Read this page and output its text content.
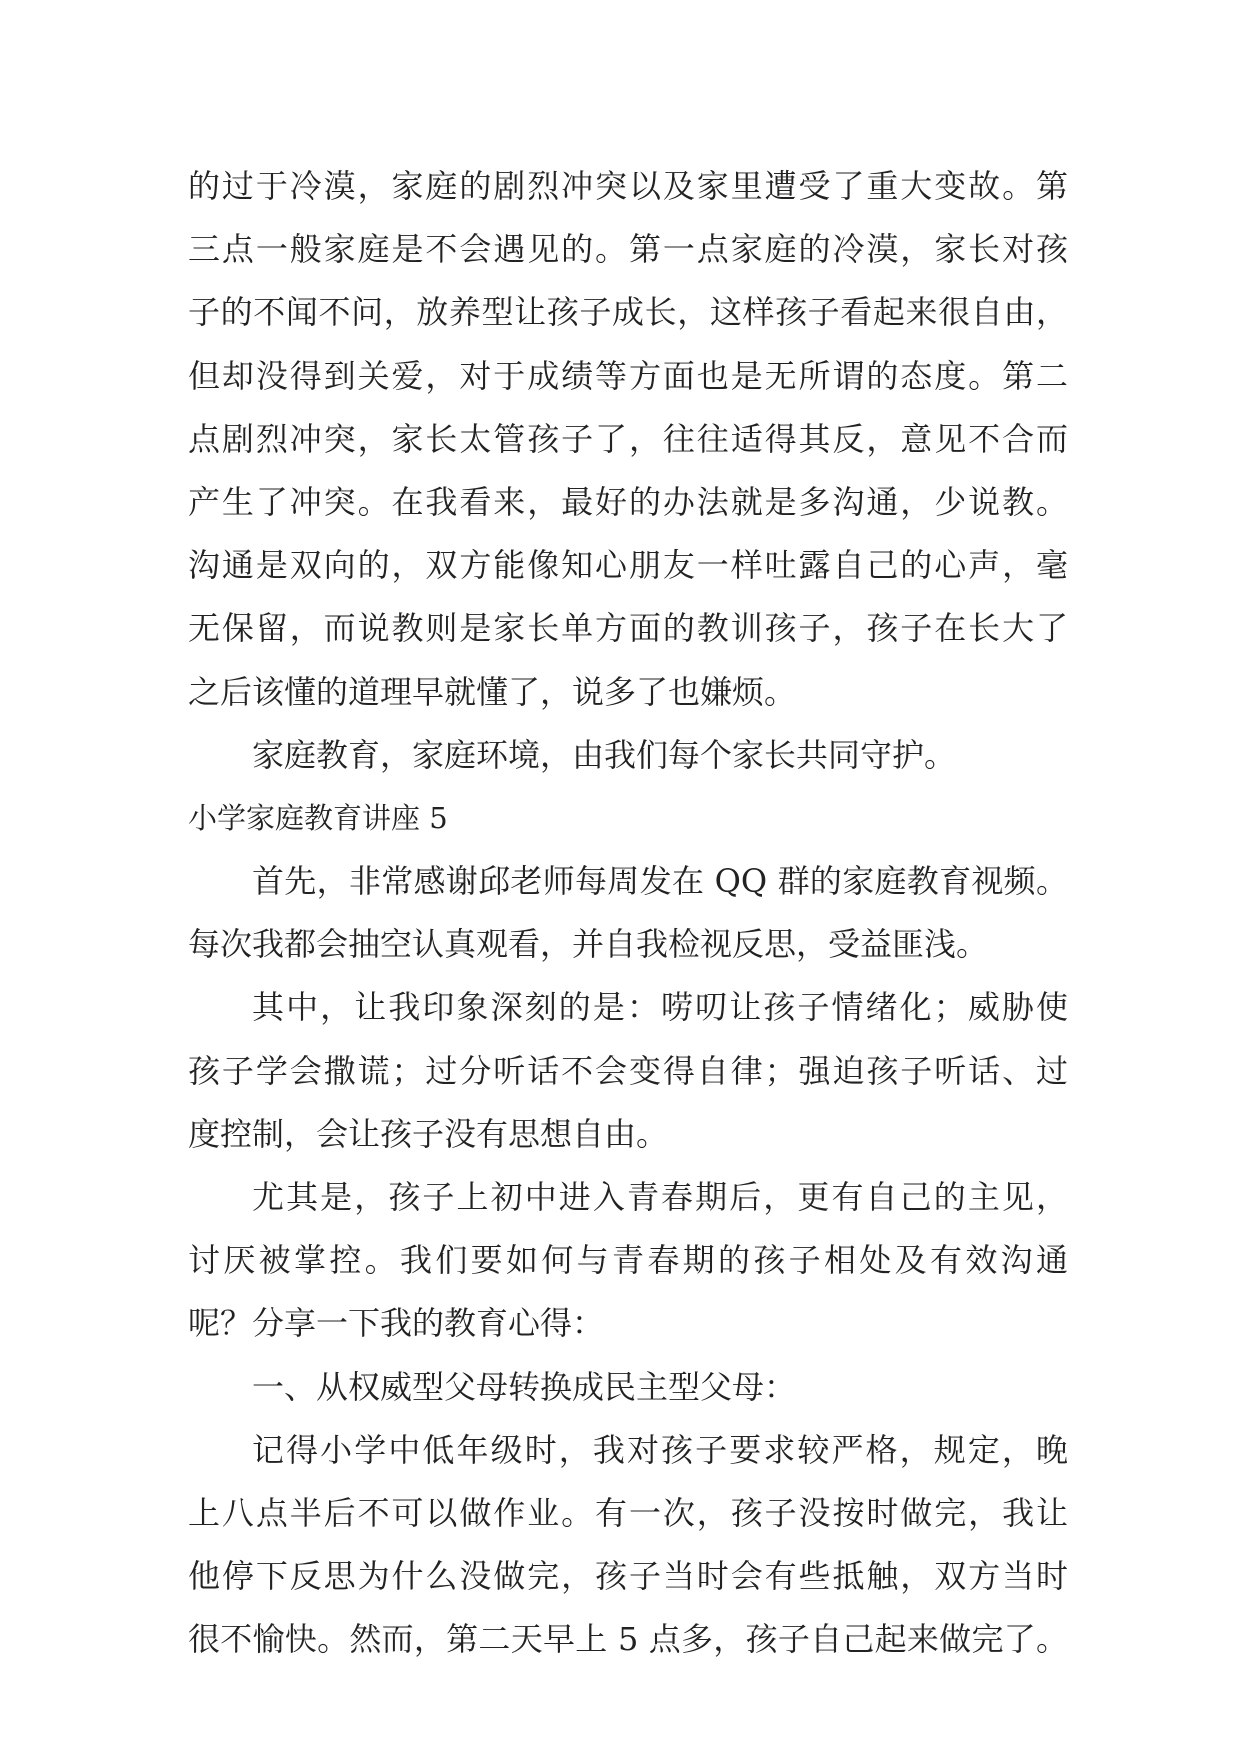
的过于冷漠，家庭的剧烈冲突以及家里遭受了重大变故。第
三点一般家庭是不会遇见的。第一点家庭的冷漠，家长对孩
子的不闻不问，放养型让孩子成长，这样孩子看起来很自由，
但却没得到关爱，对于成绩等方面也是无所谓的态度。第二
点剧烈冲突，家长太管孩子了，往往适得其反，意见不合而
产生了冲突。在我看来，最好的办法就是多沟通，少说教。
沟通是双向的，双方能像知心朋友一样吐露自己的心声，毫
无保留，而说教则是家长单方面的教训孩子，孩子在长大了
之后该懂的道理早就懂了，说多了也嫌烦。
家庭教育，家庭环境，由我们每个家长共同守护。
小学家庭教育讲座 5
首先，非常感谢邱老师每周发在 QQ 群的家庭教育视频。
每次我都会抽空认真观看，并自我检视反思，受益匪浅。
其中，让我印象深刻的是：唠叨让孩子情绪化；威胁使
孩子学会撒谎；过分听话不会变得自律；强迫孩子听话、过
度控制，会让孩子没有思想自由。
尤其是，孩子上初中进入青春期后，更有自己的主见，
讨厌被掌控。我们要如何与青春期的孩子相处及有效沟通
呢？分享一下我的教育心得：
一、从权威型父母转换成民主型父母：
记得小学中低年级时，我对孩子要求较严格，规定，晚
上八点半后不可以做作业。有一次，孩子没按时做完，我让
他停下反思为什么没做完，孩子当时会有些抵触，双方当时
很不愉快。然而，第二天早上 5 点多，孩子自己起来做完了。
